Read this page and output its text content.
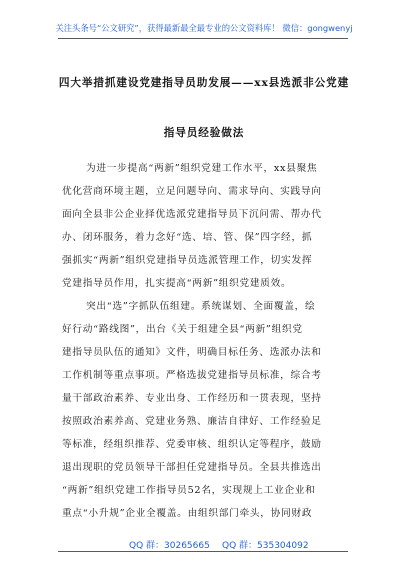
关注头条号“公文研究”，获得最新最全最专业的公文资料库！ 微信：gongwenyj
四大举措抓建设党建指导员助发展——xx县选派非公党建
指导员经验做法
为进一步提高“两新”组织党建工作水平，xx县聚焦
优化营商环境主题，立足问题导向、需求导向、实践导向
面向全县非公企业择优选派党建指导员下沉问需、帮办代
办、闭环服务，着力念好“选、培、管、保”四字经，抓
强抓实“两新”组织党建指导员选派管理工作，切实发挥
党建指导员作用，扎实提高“两新”组织党建质效。
突出“选”字抓队伍组建。系统谋划、全面覆盖，绘
好行动“路线图”，出台《关于组建全县“两新”组织党
建指导员队伍的通知》文件，明确目标任务、选派办法和
工作机制等重点事项。严格选拔党建指导员标准，综合考
量干部政治素养、专业出身、工作经历和一贯表现，坚持
按照政治素养高、党建业务熟、廉洁自律好、工作经验足
等标准，经组织推荐、党委审核、组织认定等程序，鼓励
退出现职的党员领导干部担任党建指导员。全县共推选出
“两新”组织党建工作指导员52名，实现规上工业企业和
重点“小升规”企业全覆盖。由组织部门牵头，协同财政
QQ 群：30265665 QQ 群：535304092
